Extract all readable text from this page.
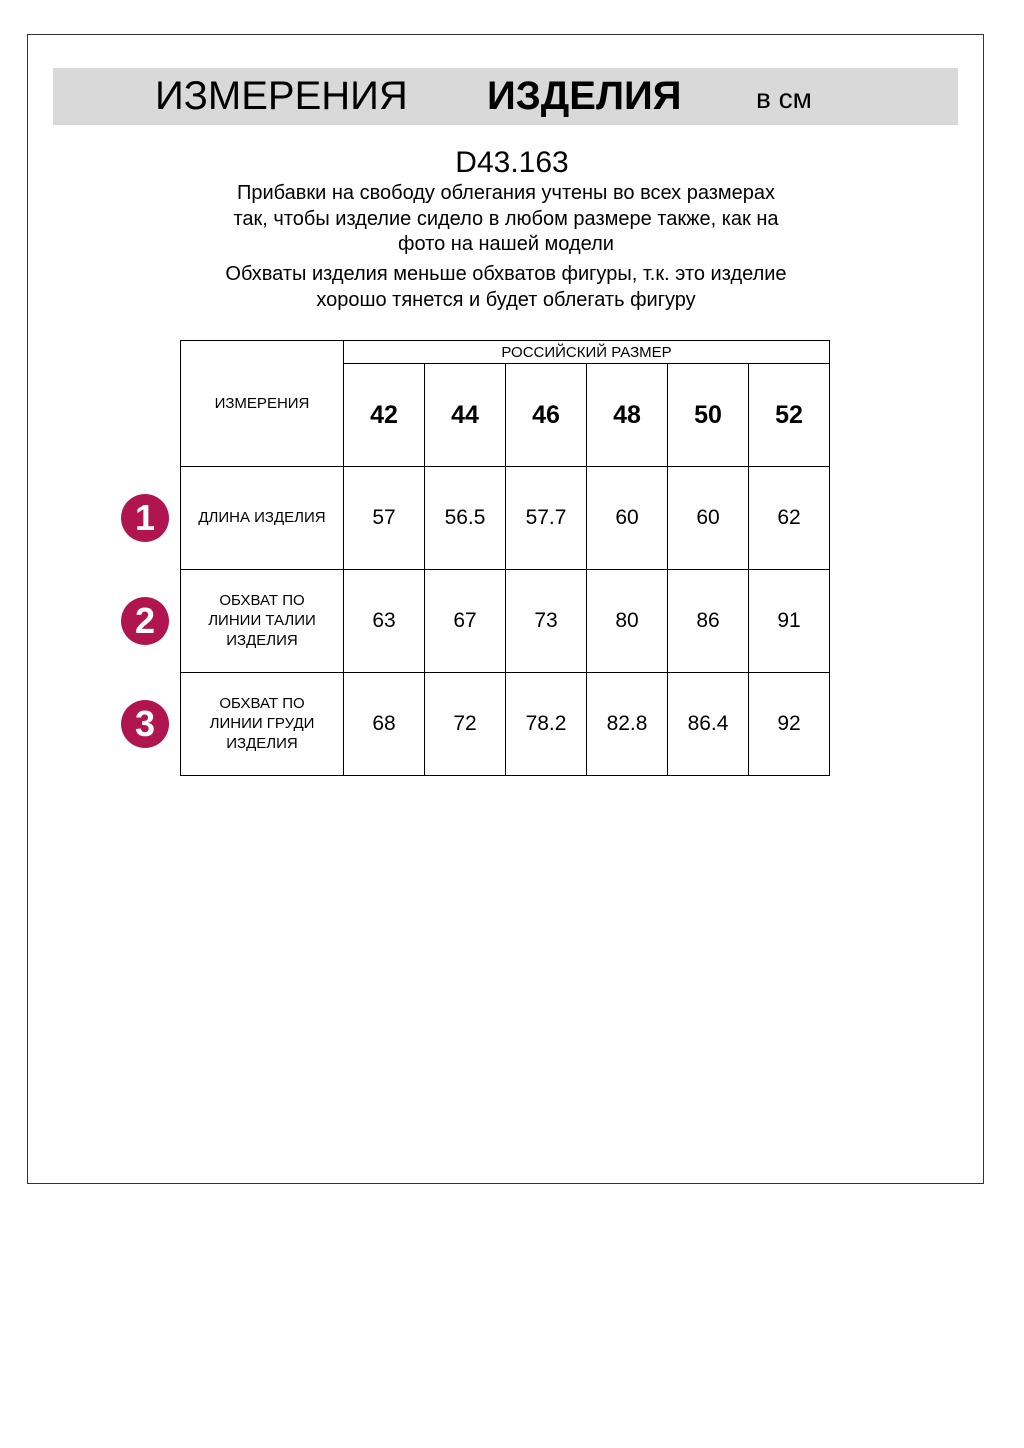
ИЗМЕРЕНИЯ ИЗДЕЛИЯ	в см
D43.163
Прибавки на свободу облегания учтены во всех размерах
так, чтобы изделие сидело в любом размере также, как на
фото на нашей модели
Обхваты изделия меньше обхватов фигуры, т.к. это изделие
хорошо тянется и будет облегать фигуру
ИЗМЕРЕНИЯ	РОССИЙСКИЙ РАЗМЕР					
	42	44	46	48	50	52

ДЛИНА ИЗДЕЛИЯ	57	56.5	57.7	60	60	62

ОБХВАТ ПО
ЛИНИИ ТАЛИИ
ИЗДЕЛИЯ	63	67	73	80	86	91

ОБХВАТ ПО
ЛИНИИ ГРУДИ
ИЗДЕЛИЯ	68	72	78.2	82.8	86.4	92
1
2
3
